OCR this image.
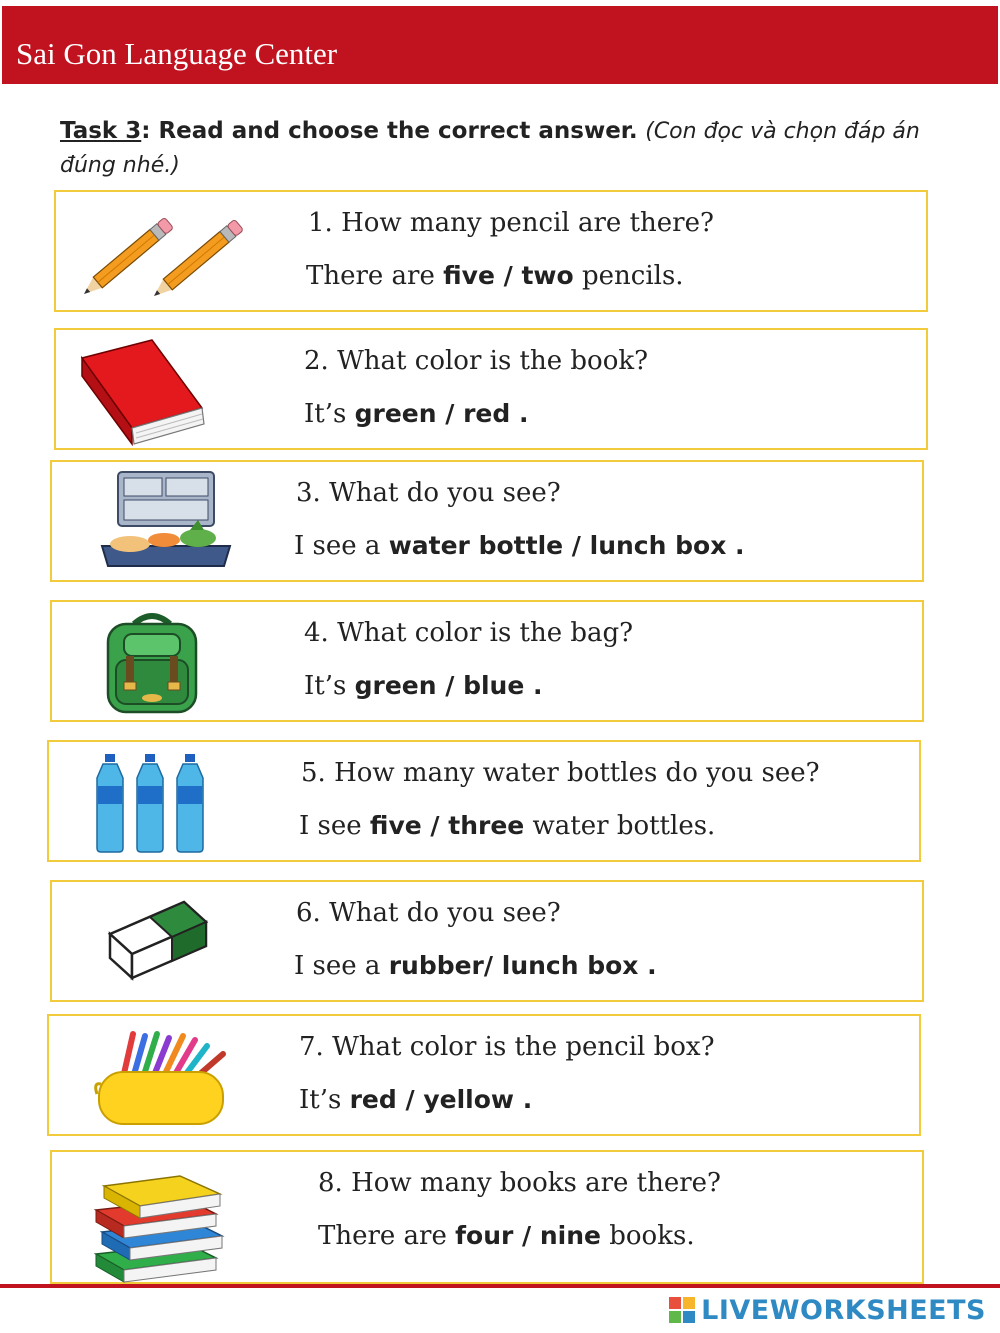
Sai Gon Language Center
Task 3: Read and choose the correct answer. (Con đọc và chọn đáp án đúng nhé.)
1. How many pencil are there?
There are five / two pencils.
2. What color is the book?
It’s green / red .
3. What do you see?
I see a water bottle / lunch box .
4. What color is the bag?
It’s green / blue .
5. How many water bottles do you see?
I see five / three water bottles.
6. What do you see?
I see a rubber/ lunch box .
7. What color is the pencil box?
It’s red / yellow .
8. How many books are there?
There are four / nine books.
LIVEWORKSHEETS
